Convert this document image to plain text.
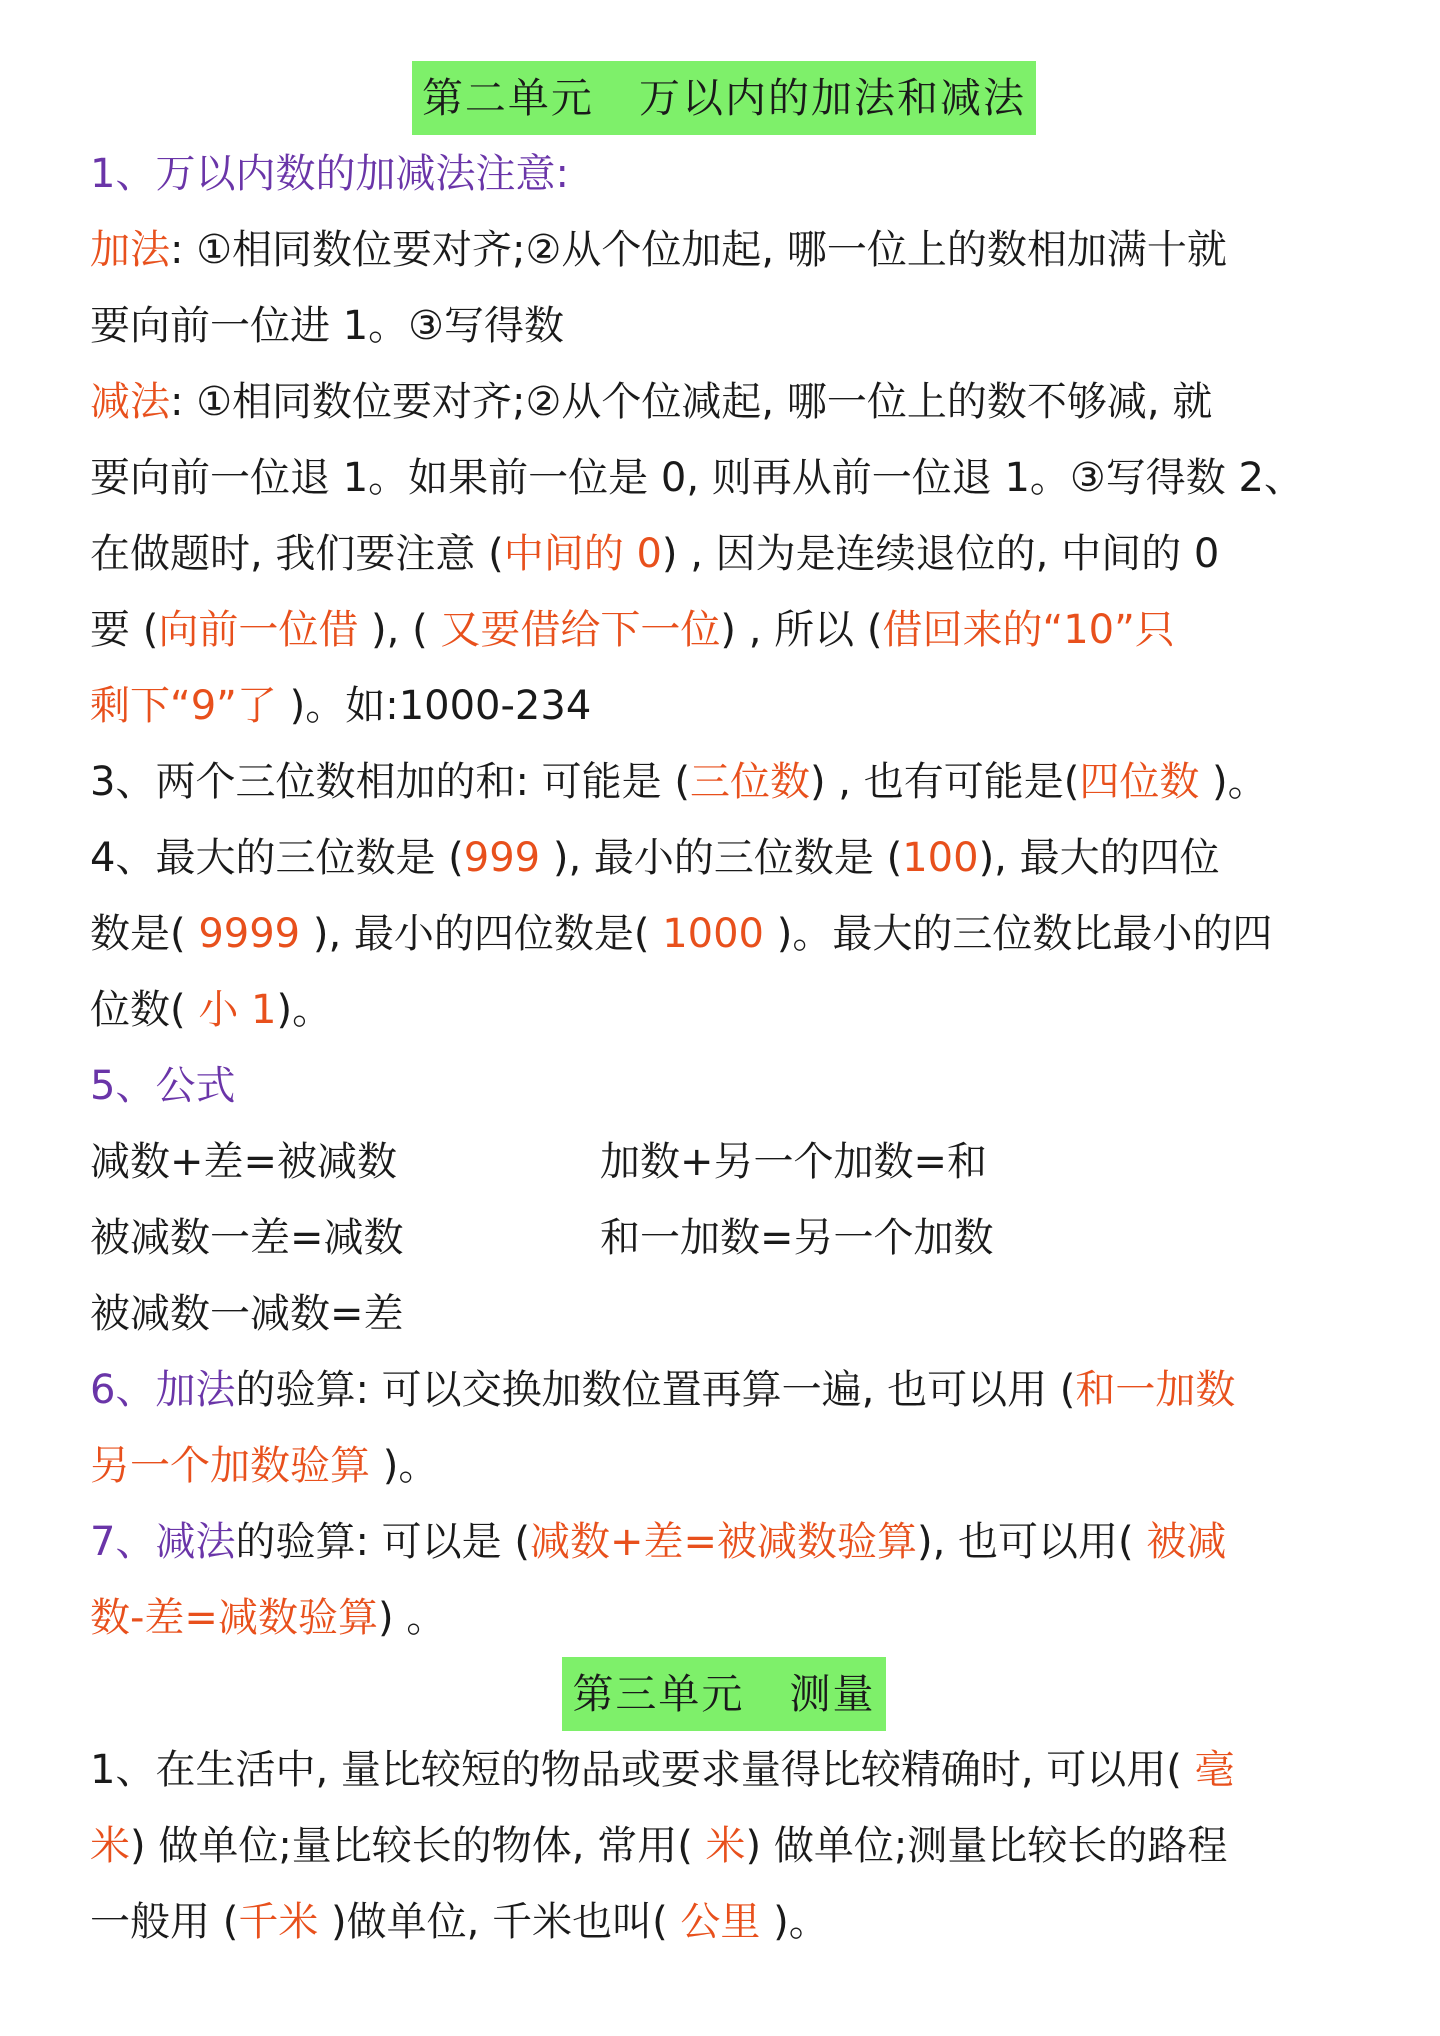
第二单元   万以内的加法和减法
1、万以内数的加减法注意:
加法: ①相同数位要对齐;②从个位加起, 哪一位上的数相加满十就
要向前一位进 1。③写得数
减法: ①相同数位要对齐;②从个位减起, 哪一位上的数不够减, 就
要向前一位退 1。如果前一位是 0, 则再从前一位退 1。③写得数 2、
在做题时, 我们要注意 (中间的 0) , 因为是连续退位的, 中间的 0
要 (向前一位借 ), ( 又要借给下一位) , 所以 (借回来的“10”只
剩下“9”了 )。如:1000-234
3、两个三位数相加的和: 可能是 (三位数) , 也有可能是(四位数 )。
4、最大的三位数是 (999 ), 最小的三位数是 (100), 最大的四位
数是( 9999 ), 最小的四位数是( 1000 )。最大的三位数比最小的四
位数( 小 1)。
5、公式
减数+差=被减数	加数+另一个加数=和
被减数一差=减数	和一加数=另一个加数
被减数一减数=差
6、加法的验算: 可以交换加数位置再算一遍, 也可以用 (和一加数
另一个加数验算 )。
7、减法的验算: 可以是 (减数+差=被减数验算), 也可以用( 被减
数-差=减数验算) 。
第三单元   测量
1、在生活中, 量比较短的物品或要求量得比较精确时, 可以用( 毫
米) 做单位;量比较长的物体, 常用( 米) 做单位;测量比较长的路程
一般用 (千米 )做单位, 千米也叫( 公里 )。
